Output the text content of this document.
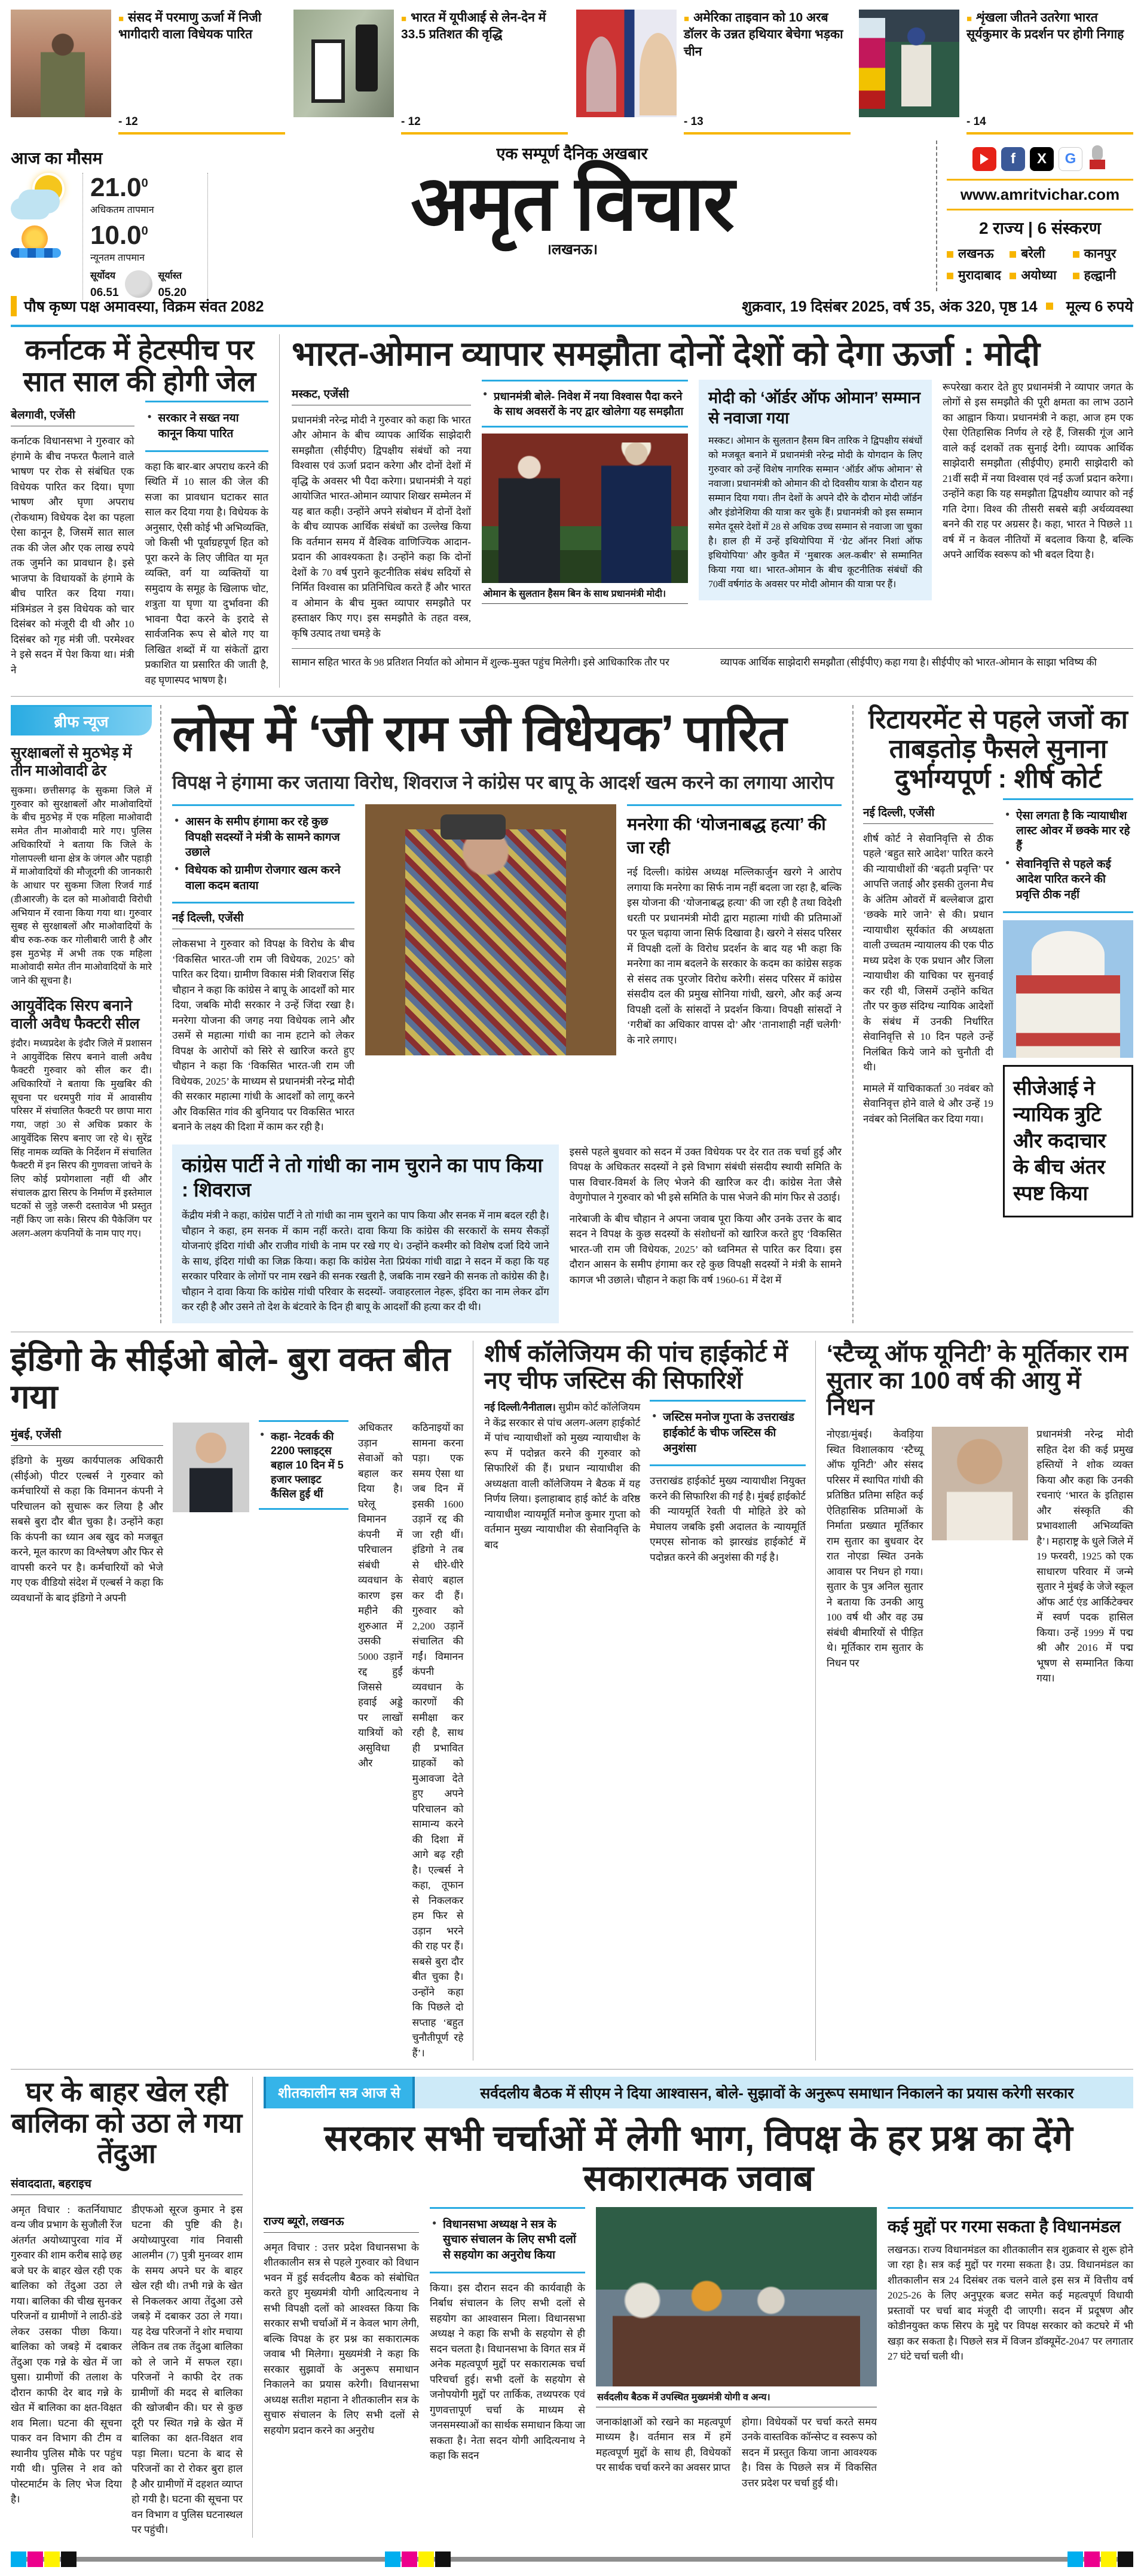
■ संसद में परमाणु ऊर्जा में निजी भागीदारी वाला विधेयक पारित
- 12
■ भारत में यूपीआई से लेन-देन में 33.5 प्रतिशत की वृद्धि
- 12
■ अमेरिका ताइवान को 10 अरब डॉलर के उन्नत हथियार बेचेगा भड़का चीन
- 13
■ शृंखला जीतने उतरेगा भारत सूर्यकुमार के प्रदर्शन पर होगी निगाह
- 14
आज का मौसम
21.0$^0$
अधिकतम तापमान
10.0$^0$
न्यूनतम तापमान
सूर्योदय
06.51
सूर्यास्त
05.20
एक सम्पूर्ण दैनिक अखबार
अमृत विचार
।लखनऊ।
f	X	G
www.amritvichar.com
2 राज्य | 6 संस्करण
लखनऊ	बरेली	कानपुर
मुरादाबाद	अयोध्या	हल्द्वानी
पौष कृष्ण पक्ष अमावस्या, विक्रम संवत 2082	शुक्रवार, 19 दिसंबर 2025, वर्ष 35, अंक 320, पृष्ठ 14 मूल्य 6 रुपये
कर्नाटक में हेटस्पीच पर सात साल की होगी जेल
बेलगावी, एजेंसी
कर्नाटक विधानसभा ने गुरुवार को हंगामे के बीच नफरत फैलाने वाले भाषण पर रोक से संबंधित एक विधेयक पारित कर दिया। घृणा भाषण और घृणा अपराध (रोकथाम) विधेयक देश का पहला ऐसा कानून है, जिसमें सात साल तक की जेल और एक लाख रुपये तक जुर्माने का प्रावधान है। इसे भाजपा के विधायकों के हंगामे के बीच पारित कर दिया गया। मंत्रिमंडल ने इस विधेयक को चार दिसंबर को मंजूरी दी थी और 10 दिसंबर को गृह मंत्री जी. परमेश्वर ने इसे सदन में पेश किया था। मंत्री ने
● सरकार ने सख्त नया कानून किया पारित
कहा कि बार-बार अपराध करने की स्थिति में 10 साल की जेल की सजा का प्रावधान घटाकर सात साल कर दिया गया है। विधेयक के अनुसार, ऐसी कोई भी अभिव्यक्ति, जो किसी भी पूर्वाग्रहपूर्ण हित को पूरा करने के लिए जीवित या मृत व्यक्ति, वर्ग या व्यक्तियों या समुदाय के समूह के खिलाफ चोट, शत्रुता या घृणा या दुर्भावना की भावना पैदा करने के इरादे से सार्वजनिक रूप से बोले गए या लिखित शब्दों में या संकेतों द्वारा प्रकाशित या प्रसारित की जाती है, वह घृणास्पद भाषण है।
भारत-ओमान व्यापार समझौता दोनों देशों को देगा ऊर्जा : मोदी
मस्कट, एजेंसी
प्रधानमंत्री नरेन्द्र मोदी ने गुरुवार को कहा कि भारत और ओमान के बीच व्यापक आर्थिक साझेदारी समझौता (सीईपीए) द्विपक्षीय संबंधों को नया विश्वास एवं ऊर्जा प्रदान करेगा और दोनों देशों में वृद्धि के अवसर भी पैदा करेगा। प्रधानमंत्री ने यहां आयोजित भारत-ओमान व्यापार शिखर सम्मेलन में यह बात कही। उन्होंने अपने संबोधन में दोनों देशों के बीच व्यापक आर्थिक संबंधों का उल्लेख किया कि वर्तमान समय में वैश्विक वाणिज्यिक आदान-प्रदान की आवश्यकता है। उन्होंने कहा कि दोनों देशों के 70 वर्ष पुराने कूटनीतिक संबंध सदियों से निर्मित विश्वास का प्रतिनिधित्व करते हैं और भारत व ओमान के बीच मुक्त व्यापार समझौते पर हस्ताक्षर किए गए। इस समझौते के तहत वस्त्र, कृषि उत्पाद तथा चमड़े के
● प्रधानमंत्री बोले- निवेश में नया विश्वास पैदा करने के साथ अवसरों के नए द्वार खोलेगा यह समझौता
ओमान के सुलतान हैसम बिन के साथ प्रधानमंत्री मोदी।
मोदी को ‘ऑर्डर ऑफ ओमान’ सम्मान से नवाजा गया
मस्कट। ओमान के सुलतान हैसम बिन तारिक ने द्विपक्षीय संबंधों को मजबूत बनाने में प्रधानमंत्री नरेन्द्र मोदी के योगदान के लिए गुरुवार को उन्हें विशेष नागरिक सम्मान ‘ऑर्डर ऑफ ओमान’ से नवाजा। प्रधानमंत्री को ओमान की दो दिवसीय यात्रा के दौरान यह सम्मान दिया गया। तीन देशों के अपने दौरे के दौरान मोदी जॉर्डन और इंडोनेशिया की यात्रा कर चुके हैं। प्रधानमंत्री को इस सम्मान समेत दूसरे देशों में 28 से अधिक उच्च सम्मान से नवाजा जा चुका है। हाल ही में उन्हें इथियोपिया में ‘ग्रेट ऑनर निशां ऑफ इथियोपिया’ और कुवैत में ‘मुबारक अल-कबीर’ से सम्मानित किया गया था। भारत-ओमान के बीच कूटनीतिक संबंधों की 70वीं वर्षगांठ के अवसर पर मोदी ओमान की यात्रा पर हैं।
रूपरेखा करार देते हुए प्रधानमंत्री ने व्यापार जगत के लोगों से इस समझौते की पूरी क्षमता का लाभ उठाने का आह्वान किया। प्रधानमंत्री ने कहा, आज हम एक ऐसा ऐतिहासिक निर्णय ले रहे हैं, जिसकी गूंज आने वाले कई दशकों तक सुनाई देगी। व्यापक आर्थिक साझेदारी समझौता (सीईपीए) हमारी साझेदारी को 21वीं सदी में नया विश्वास एवं नई ऊर्जा प्रदान करेगा। उन्होंने कहा कि यह समझौता द्विपक्षीय व्यापार को नई गति देगा। विश्व की तीसरी सबसे बड़ी अर्थव्यवस्था बनने की राह पर अग्रसर है। कहा, भारत ने पिछले 11 वर्ष में न केवल नीतियों में बदलाव किया है, बल्कि अपने आर्थिक स्वरूप को भी बदल दिया है।
सामान सहित भारत के 98 प्रतिशत निर्यात को ओमान में शुल्क-मुक्त पहुंच मिलेगी। इसे आधिकारिक तौर पर	व्यापक आर्थिक साझेदारी समझौता (सीईपीए) कहा गया है। सीईपीए को भारत-ओमान के साझा भविष्य की
ब्रीफ न्यूज
सुरक्षाबलों से मुठभेड़ में तीन माओवादी ढेर
सुकमा। छत्तीसगढ़ के सुकमा जिले में गुरुवार को सुरक्षाबलों और माओवादियों के बीच मुठभेड़ में एक महिला माओवादी समेत तीन माओवादी मारे गए। पुलिस अधिकारियों ने बताया कि जिले के गोलापल्ली थाना क्षेत्र के जंगल और पहाड़ी में माओवादियों की मौजूदगी की जानकारी के आधार पर सुकमा जिला रिजर्व गार्ड (डीआरजी) के दल को माओवादी विरोधी अभियान में रवाना किया गया था। गुरुवार सुबह से सुरक्षाबलों और माओवादियों के बीच रुक-रुक कर गोलीबारी जारी है और इस मुठभेड़ में अभी तक एक महिला माओवादी समेत तीन माओवादियों के मारे जाने की सूचना है।
आयुर्वेदिक सिरप बनाने वाली अवैध फैक्टरी सील
इंदौर। मध्यप्रदेश के इंदौर जिले में प्रशासन ने आयुर्वेदिक सिरप बनाने वाली अवैध फैक्टरी गुरुवार को सील कर दी। अधिकारियों ने बताया कि मुखबिर की सूचना पर धरमपुरी गांव में आवासीय परिसर में संचालित फैक्टरी पर छापा मारा गया, जहां 30 से अधिक प्रकार के आयुर्वेदिक सिरप बनाए जा रहे थे। सुरेंद्र सिंह नामक व्यक्ति के निर्देशन में संचालित फैक्टरी में इन सिरप की गुणवत्ता जांचने के लिए कोई प्रयोगशाला नहीं थी और संचालक द्वारा सिरप के निर्माण में इस्तेमाल घटकों से जुड़े जरूरी दस्तावेज भी प्रस्तुत नहीं किए जा सके। सिरप की पैकेजिंग पर अलग-अलग कंपनियों के नाम पाए गए।
लोस में ‘जी राम जी विधेयक’ पारित
विपक्ष ने हंगामा कर जताया विरोध, शिवराज ने कांग्रेस पर बापू के आदर्श खत्म करने का लगाया आरोप
● आसन के समीप हंगामा कर रहे कुछ विपक्षी सदस्यों ने मंत्री के सामने कागज उछाले
● विधेयक को ग्रामीण रोजगार खत्म करने वाला कदम बताया
नई दिल्ली, एजेंसी
लोकसभा ने गुरुवार को विपक्ष के विरोध के बीच ‘विकसित भारत-जी राम जी विधेयक, 2025’ को पारित कर दिया। ग्रामीण विकास मंत्री शिवराज सिंह चौहान ने कहा कि कांग्रेस ने बापू के आदर्शों को मार दिया, जबकि मोदी सरकार ने उन्हें जिंदा रखा है। मनरेगा योजना की जगह नया विधेयक लाने और उसमें से महात्मा गांधी का नाम हटाने को लेकर विपक्ष के आरोपों को सिरे से खारिज करते हुए चौहान ने कहा कि ‘विकसित भारत-जी राम जी विधेयक, 2025’ के माध्यम से प्रधानमंत्री नरेन्द्र मोदी की सरकार महात्मा गांधी के आदर्शों को लागू करने और विकसित गांव की बुनियाद पर विकसित भारत बनाने के लक्ष्य की दिशा में काम कर रही है।
मनरेगा की ‘योजनाबद्ध हत्या’ की जा रही
नई दिल्ली। कांग्रेस अध्यक्ष मल्लिकार्जुन खरगे ने आरोप लगाया कि मनरेगा का सिर्फ नाम नहीं बदला जा रहा है, बल्कि इस योजना की ‘योजनाबद्ध हत्या’ की जा रही है तथा विदेशी धरती पर प्रधानमंत्री मोदी द्वारा महात्मा गांधी की प्रतिमाओं पर फूल चढ़ाया जाना सिर्फ दिखावा है। खरगे ने संसद परिसर में विपक्षी दलों के विरोध प्रदर्शन के बाद यह भी कहा कि मनरेगा का नाम बदलने के सरकार के कदम का कांग्रेस सड़क से संसद तक पुरजोर विरोध करेगी। संसद परिसर में कांग्रेस संसदीय दल की प्रमुख सोनिया गांधी, खरगे, और कई अन्य विपक्षी दलों के सांसदों ने प्रदर्शन किया। विपक्षी सांसदों ने ‘गरीबों का अधिकार वापस दो’ और ‘तानाशाही नहीं चलेगी’ के नारे लगाए।
कांग्रेस पार्टी ने तो गांधी का नाम चुराने का पाप किया : शिवराज
केंद्रीय मंत्री ने कहा, कांग्रेस पार्टी ने तो गांधी का नाम चुराने का पाप किया और सनक में नाम बदल रही है। चौहान ने कहा, हम सनक में काम नहीं करते। दावा किया कि कांग्रेस की सरकारों के समय सैकड़ों योजनाएं इंदिरा गांधी और राजीव गांधी के नाम पर रखे गए थे। उन्होंने कश्मीर को विशेष दर्जा दिये जाने के साथ, इंदिरा गांधी का जिक्र किया। कहा कि कांग्रेस नेता प्रियंका गांधी वाद्रा ने सदन में कहा कि यह सरकार परिवार के लोगों पर नाम रखने की सनक रखती है, जबकि नाम रखने की सनक तो कांग्रेस की है। चौहान ने दावा किया कि कांग्रेस गांधी परिवार के सदस्यों- जवाहरलाल नेहरू, इंदिरा का नाम लेकर ढोंग कर रही है और उसने तो देश के बंटवारे के दिन ही बापू के आदर्शों की हत्या कर दी थी।
इससे पहले बुधवार को सदन में उक्त विधेयक पर देर रात तक चर्चा हुई और विपक्ष के अधिकतर सदस्यों ने इसे विभाग संबंधी संसदीय स्थायी समिति के पास विचार-विमर्श के लिए भेजने की खारिज कर दी। कांग्रेस नेता जैसे वेणुगोपाल ने गुरुवार को भी इसे समिति के पास भेजने की मांग फिर से उठाई।
नारेबाजी के बीच चौहान ने अपना जवाब पूरा किया और उनके उत्तर के बाद सदन ने विपक्ष के कुछ सदस्यों के संशोधनों को खारिज करते हुए ‘विकसित भारत-जी राम जी विधेयक, 2025’ को ध्वनिमत से पारित कर दिया। इस दौरान आसन के समीप हंगामा कर रहे कुछ विपक्षी सदस्यों ने मंत्री के सामने कागज भी उछाले। चौहान ने कहा कि वर्ष 1960-61 में देश में
रिटायरमेंट से पहले जजों का ताबड़तोड़ फैसले सुनाना दुर्भाग्यपूर्ण : शीर्ष कोर्ट
नई दिल्ली, एजेंसी
शीर्ष कोर्ट ने सेवानिवृत्ति से ठीक पहले ‘बहुत सारे आदेश’ पारित करने की न्यायाधीशों की ‘बढ़ती प्रवृत्ति’ पर आपत्ति जताई और इसकी तुलना मैच के अंतिम ओवरों में बल्लेबाज द्वारा ‘छक्के मारे जाने’ से की। प्रधान न्यायाधीश सूर्यकांत की अध्यक्षता वाली उच्चतम न्यायालय की एक पीठ मध्य प्रदेश के एक प्रधान और जिला न्यायाधीश की याचिका पर सुनवाई कर रही थी, जिसमें उन्होंने कथित तौर पर कुछ संदिग्ध न्यायिक आदेशों के संबंध में उनकी निर्धारित सेवानिवृत्ति से 10 दिन पहले उन्हें निलंबित किये जाने को चुनौती दी थी।
मामले में याचिकाकर्ता 30 नवंबर को सेवानिवृत्त होने वाले थे और उन्हें 19 नवंबर को निलंबित कर दिया गया।
● ऐसा लगता है कि न्यायाधीश लास्ट ओवर में छक्के मार रहे हैं
● सेवानिवृत्ति से पहले कई आदेश पारित करने की प्रवृत्ति ठीक नहीं
सीजेआई ने न्यायिक त्रुटि और कदाचार के बीच अंतर स्पष्ट किया
इंडिगो के सीईओ बोले- बुरा वक्त बीत गया
मुंबई, एजेंसी
इंडिगो के मुख्य कार्यपालक अधिकारी (सीईओ) पीटर एल्बर्स ने गुरुवार को कर्मचारियों से कहा कि विमानन कंपनी ने परिचालन को सुचारू कर लिया है और सबसे बुरा दौर बीत चुका है। उन्होंने कहा कि कंपनी का ध्यान अब खुद को मजबूत करने, मूल कारण का विश्लेषण और फिर से वापसी करने पर है। कर्मचारियों को भेजे गए एक वीडियो संदेश में एल्बर्स ने कहा कि व्यवधानों के बाद इंडिगो ने अपनी
● कहा- नेटवर्क की 2200 फ्लाइट्स बहाल 10 दिन में 5 हजार फ्लाइट कैंसिल हुई थीं
अधिकतर उड़ान सेवाओं को बहाल कर दिया है। घरेलू विमानन कंपनी में परिचालन संबंधी व्यवधान के कारण इस महीने की शुरुआत में उसकी 5000 उड़ानें रद्द हुईं जिससे हवाई अड्डे पर लाखों यात्रियों को असुविधा और
कठिनाइयों का सामना करना पड़ा। एक समय ऐसा था जब दिन में इसकी 1600 उड़ानें रद्द की जा रही थीं। इंडिगो ने तब से धीरे-धीरे सेवाएं बहाल कर दी हैं। गुरुवार को 2,200 उड़ानें संचालित की गईं। विमानन कंपनी व्यवधान के कारणों की समीक्षा कर रही है, साथ ही प्रभावित ग्राहकों को मुआवजा देते हुए अपने परिचालन को सामान्य करने की दिशा में आगे बढ़ रही है। एल्बर्स ने कहा, तूफान से निकलकर हम फिर से उड़ान भरने की राह पर हैं। सबसे बुरा दौर बीत चुका है। उन्होंने कहा कि पिछले दो सप्ताह ‘बहुत चुनौतीपूर्ण रहे हैं’।
शीर्ष कॉलेजियम की पांच हाईकोर्ट में नए चीफ जस्टिस की सिफारिशें
नई दिल्ली/नैनीताल। सुप्रीम कोर्ट कॉलेजियम ने केंद्र सरकार से पांच अलग-अलग हाईकोर्ट में पांच न्यायाधीशों को मुख्य न्यायाधीश के रूप में पदोन्नत करने की गुरुवार को सिफारिशें की हैं। प्रधान न्यायाधीश की अध्यक्षता वाली कॉलेजियम ने बैठक में यह निर्णय लिया। इलाहाबाद हाई कोर्ट के वरिष्ठ न्यायाधीश न्यायमूर्ति मनोज कुमार गुप्ता को वर्तमान मुख्य न्यायाधीश की सेवानिवृत्ति के बाद
● जस्टिस मनोज गुप्ता के उत्तराखंड हाईकोर्ट के चीफ जस्टिस की अनुशंसा
उत्तराखंड हाईकोर्ट मुख्य न्यायाधीश नियुक्त करने की सिफारिश की गई है। मुंबई हाईकोर्ट की न्यायमूर्ति रेवती पी मोहिते डेरे को मेघालय जबकि इसी अदालत के न्यायमूर्ति एमएस सोनाक को झारखंड हाईकोर्ट में पदोन्नत करने की अनुशंसा की गई है।
‘स्टैच्यू ऑफ यूनिटी’ के मूर्तिकार राम सुतार का 100 वर्ष की आयु में निधन
नोएडा/मुंबई। केवड़िया स्थित विशालकाय ‘स्टैच्यू ऑफ यूनिटी’ और संसद परिसर में स्थापित गांधी की प्रतिष्ठित प्रतिमा सहित कई ऐतिहासिक प्रतिमाओं के निर्माता प्रख्यात मूर्तिकार राम सुतार का बुधवार देर रात नोएडा स्थित उनके आवास पर निधन हो गया। सुतार के पुत्र अनिल सुतार ने बताया कि उनकी आयु 100 वर्ष थी और वह उम्र संबंधी बीमारियों से पीड़ित थे। मूर्तिकार राम सुतार के निधन पर
प्रधानमंत्री नरेन्द्र मोदी सहित देश की कई प्रमुख हस्तियों ने शोक व्यक्त किया और कहा कि उनकी रचनाएं ‘भारत के इतिहास और संस्कृति की प्रभावशाली अभिव्यक्ति है’। महाराष्ट्र के धुले जिले में 19 फरवरी, 1925 को एक साधारण परिवार में जन्मे सुतार ने मुंबई के जेजे स्कूल ऑफ आर्ट एंड आर्किटेक्चर में स्वर्ण पदक हासिल किया। उन्हें 1999 में पद्म श्री और 2016 में पद्म भूषण से सम्मानित किया गया।
घर के बाहर खेल रही बालिका को उठा ले गया तेंदुआ
संवाददाता, बहराइच
अमृत विचार : कतर्नियाघाट वन्य जीव प्रभाग के सुजौली रेंज अंतर्गत अयोध्यापुरवा गांव में गुरुवार की शाम करीब साढ़े छह बजे घर के बाहर खेल रही एक बालिका को तेंदुआ उठा ले गया। बालिका की चीख सुनकर परिजनों व ग्रामीणों ने लाठी-डंडे लेकर उसका पीछा किया। बालिका को जबड़े में दबाकर तेंदुआ एक गन्ने के खेत में जा घुसा। ग्रामीणों की तलाश के दौरान काफी देर बाद गन्ने के खेत में बालिका का क्षत-विक्षत शव मिला। घटना की सूचना पाकर वन विभाग की टीम व स्थानीय पुलिस मौके पर पहुंच गयी थी। पुलिस ने शव को पोस्टमार्टम के लिए भेज दिया है।
डीएफओ सूरज कुमार ने इस घटना की पुष्टि की है। अयोध्यापुरवा गांव निवासी आलमीन (7) पुत्री मुनव्वर शाम के समय अपने घर के बाहर खेल रही थी। तभी गन्ने के खेत से निकलकर आया तेंदुआ उसे जबड़े में दबाकर उठा ले गया। यह देख परिजनों ने शोर मचाया लेकिन तब तक तेंदुआ बालिका को ले जाने में सफल रहा। परिजनों ने काफी देर तक ग्रामीणों की मदद से बालिका की खोजबीन की। घर से कुछ दूरी पर स्थित गन्ने के खेत में बालिका का क्षत-विक्षत शव पड़ा मिला। घटना के बाद से परिजनों का रो रोकर बुरा हाल है और ग्रामीणों में दहशत व्याप्त हो गयी है। घटना की सूचना पर वन विभाग व पुलिस घटनास्थल पर पहुंची।
शीतकालीन सत्र आज से	सर्वदलीय बैठक में सीएम ने दिया आश्वासन, बोले- सुझावों के अनुरूप समाधान निकालने का प्रयास करेगी सरकार
सरकार सभी चर्चाओं में लेगी भाग, विपक्ष के हर प्रश्न का देंगे सकारात्मक जवाब
राज्य ब्यूरो, लखनऊ
अमृत विचार : उत्तर प्रदेश विधानसभा के शीतकालीन सत्र से पहले गुरुवार को विधान भवन में हुई सर्वदलीय बैठक को संबोधित करते हुए मुख्यमंत्री योगी आदित्यनाथ ने सभी विपक्षी दलों को आश्वस्त किया कि सरकार सभी चर्चाओं में न केवल भाग लेगी, बल्कि विपक्ष के हर प्रश्न का सकारात्मक जवाब भी मिलेगा। मुख्यमंत्री ने कहा कि सरकार सुझावों के अनुरूप समाधान निकालने का प्रयास करेगी। विधानसभा अध्यक्ष सतीश महाना ने शीतकालीन सत्र के सुचारु संचालन के लिए सभी दलों से सहयोग प्रदान करने का अनुरोध
● विधानसभा अध्यक्ष ने सत्र के सुचारु संचालन के लिए सभी दलों से सहयोग का अनुरोध किया
किया। इस दौरान सदन की कार्यवाही के निर्बाध संचालन के लिए सभी दलों से सहयोग का आश्वासन मिला। विधानसभा अध्यक्ष ने कहा कि सभी के सहयोग से ही सदन चलता है। विधानसभा के विगत सत्र में अनेक महत्वपूर्ण मुद्दों पर सकारात्मक चर्चा परिचर्चा हुई। सभी दलों के सहयोग से जनोपयोगी मुद्दों पर तार्किक, तथ्यपरक एवं गुणवत्तापूर्ण चर्चा के माध्यम से जनसमस्याओं का सार्थक समाधान किया जा सकता है। नेता सदन योगी आदित्यनाथ ने कहा कि सदन
सर्वदलीय बैठक में उपस्थित मुख्यमंत्री योगी व अन्य।
जनाकांक्षाओं को रखने का महत्वपूर्ण माध्यम है। वर्तमान सत्र में हमें महत्वपूर्ण मुद्दों के साथ ही, विधेयकों पर सार्थक चर्चा करने का अवसर प्राप्त
होगा। विधेयकों पर चर्चा करते समय उनके वास्तविक कॉन्सेप्ट व स्वरूप को सदन में प्रस्तुत किया जाना आवश्यक है। विस के पिछले सत्र में विकसित उत्तर प्रदेश पर चर्चा हुई थी।
कई मुद्दों पर गरमा सकता है विधानमंडल
लखनऊ। राज्य विधानमंडल का शीतकालीन सत्र शुक्रवार से शुरू होने जा रहा है। सत्र कई मुद्दों पर गरमा सकता है। उप्र. विधानमंडल का शीतकालीन सत्र 24 दिसंबर तक चलने वाले इस सत्र में वित्तीय वर्ष 2025-26 के लिए अनुपूरक बजट समेत कई महत्वपूर्ण विधायी प्रस्तावों पर चर्चा बाद मंजूरी दी जाएगी। सदन में प्रदूषण और कोडीनयुक्त कफ सिरप के मुद्दे पर विपक्ष सरकार को कटघरे में भी खड़ा कर सकता है। पिछले सत्र में विजन डॉक्यूमेंट-2047 पर लगातार 27 घंटे चर्चा चली थी।
